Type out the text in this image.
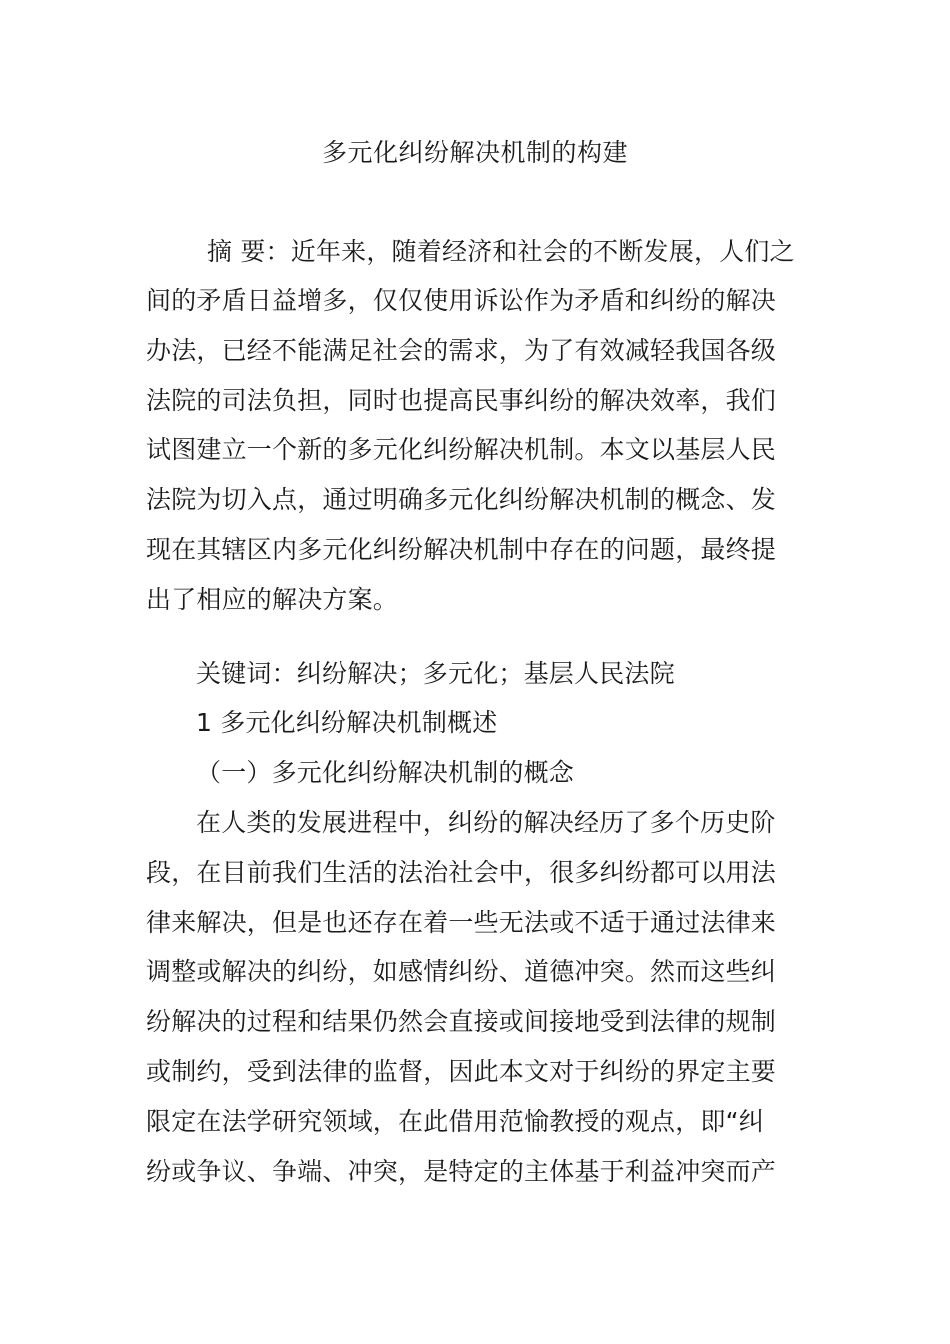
多元化纠纷解决机制的构建
摘 要：近年来，随着经济和社会的不断发展，人们之
间的矛盾日益增多，仅仅使用诉讼作为矛盾和纠纷的解决
办法，已经不能满足社会的需求，为了有效减轻我国各级
法院的司法负担，同时也提高民事纠纷的解决效率，我们
试图建立一个新的多元化纠纷解决机制。本文以基层人民
法院为切入点，通过明确多元化纠纷解决机制的概念、发
现在其辖区内多元化纠纷解决机制中存在的问题，最终提
出了相应的解决方案。
关键词：纠纷解决；多元化；基层人民法院
1 多元化纠纷解决机制概述
（一）多元化纠纷解决机制的概念
在人类的发展进程中，纠纷的解决经历了多个历史阶
段，在目前我们生活的法治社会中，很多纠纷都可以用法
律来解决，但是也还存在着一些无法或不适于通过法律来
调整或解决的纠纷，如感情纠纷、道德冲突。然而这些纠
纷解决的过程和结果仍然会直接或间接地受到法律的规制
或制约，受到法律的监督，因此本文对于纠纷的界定主要
限定在法学研究领域，在此借用范愉教授的观点，即“纠
纷或争议、争端、冲突，是特定的主体基于利益冲突而产
